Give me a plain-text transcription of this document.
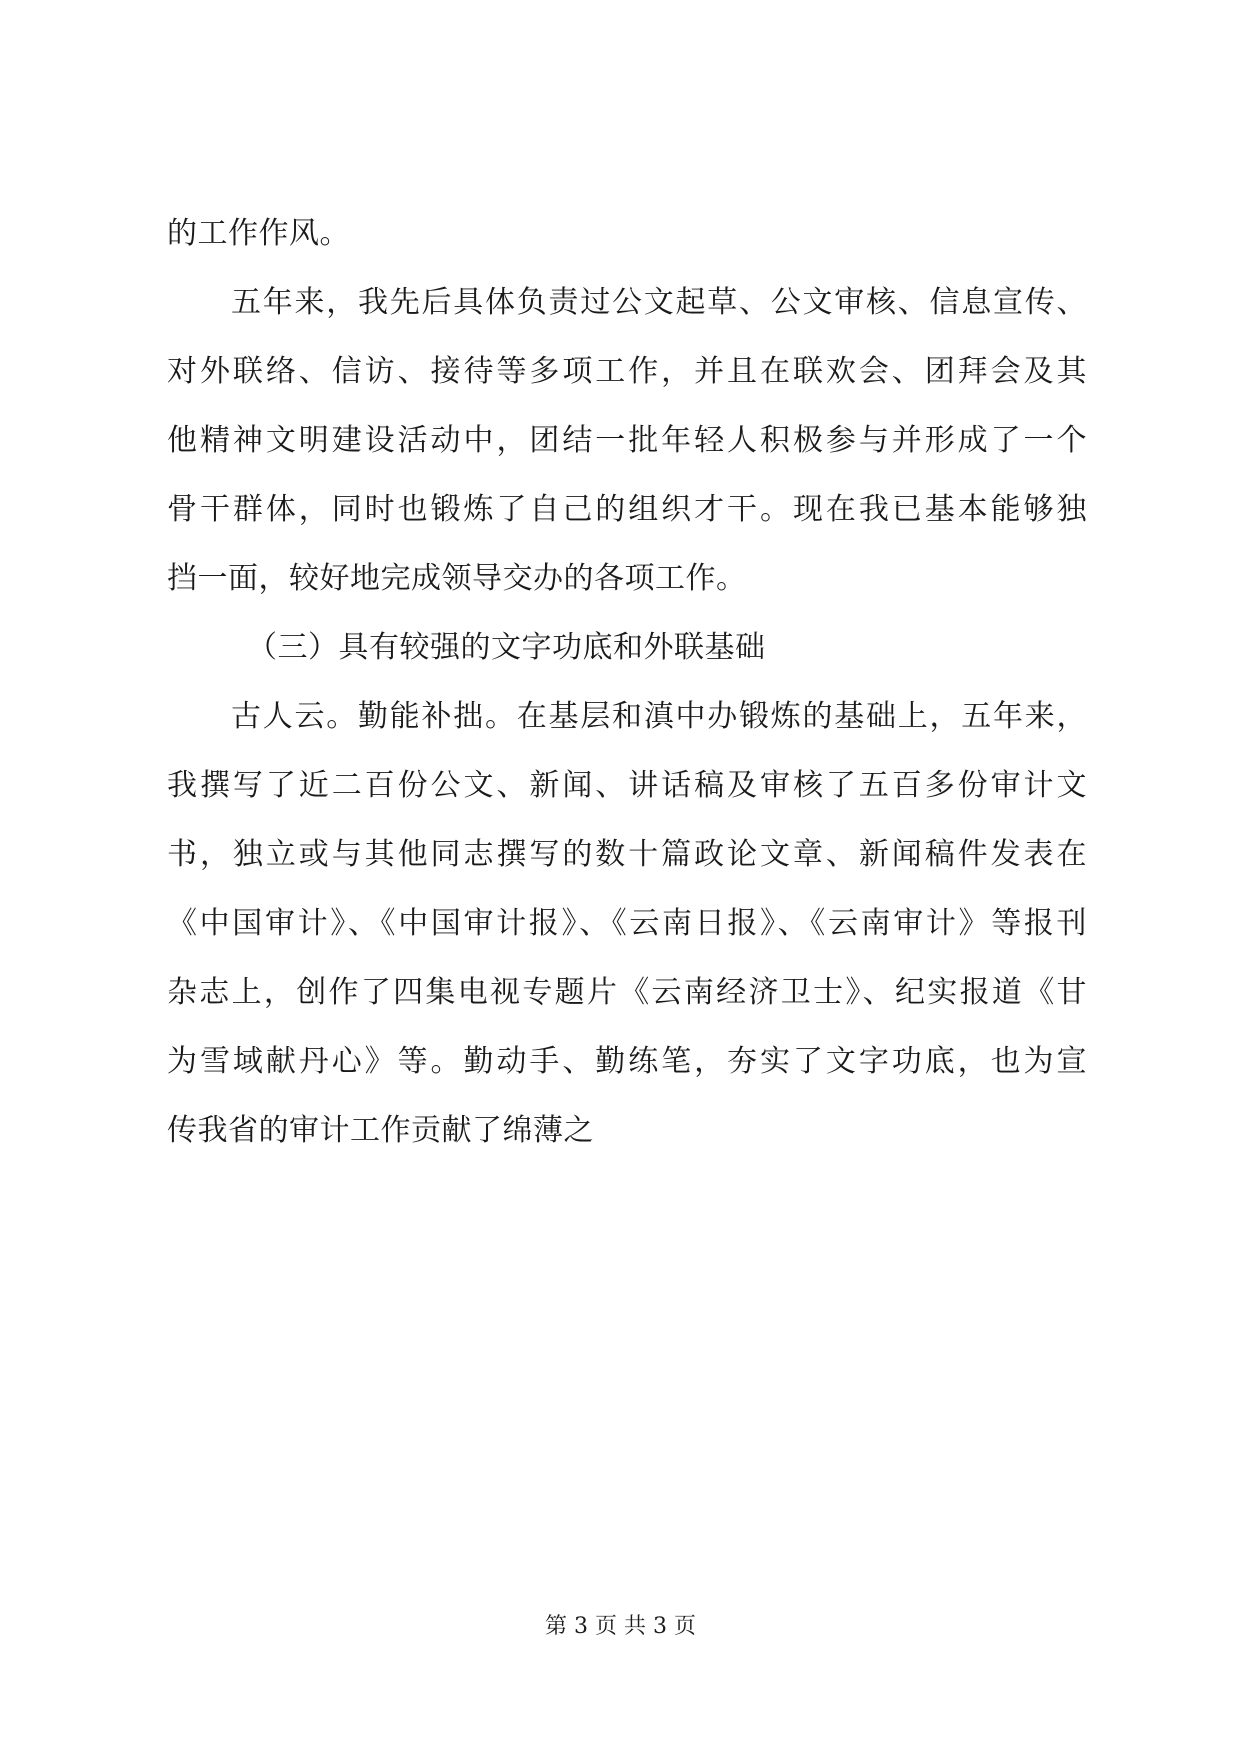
的工作作风。
五年来，我先后具体负责过公文起草、公文审核、信息宣传、
对外联络、信访、接待等多项工作，并且在联欢会、团拜会及其
他精神文明建设活动中，团结一批年轻人积极参与并形成了一个
骨干群体，同时也锻炼了自己的组织才干。现在我已基本能够独
挡一面，较好地完成领导交办的各项工作。
（三）具有较强的文字功底和外联基础
古人云。勤能补拙。在基层和滇中办锻炼的基础上，五年来，
我撰写了近二百份公文、新闻、讲话稿及审核了五百多份审计文
书，独立或与其他同志撰写的数十篇政论文章、新闻稿件发表在
《中国审计》、《中国审计报》、《云南日报》、《云南审计》等报刊
杂志上，创作了四集电视专题片《云南经济卫士》、纪实报道《甘
为雪域献丹心》等。勤动手、勤练笔，夯实了文字功底，也为宣
传我省的审计工作贡献了绵薄之
第 3 页 共 3 页
